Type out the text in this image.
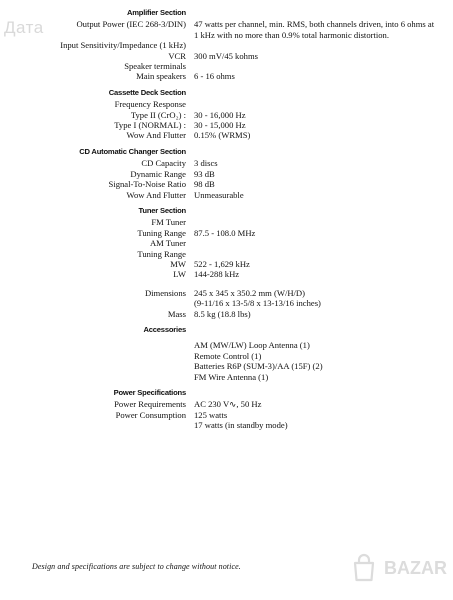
Дата
Amplifier Section
Output Power (IEC 268-3/DIN) 47 watts per channel, min. RMS, both channels driven, into 6 ohms at 1 kHz with no more than 0.9% total harmonic distortion.
Input Sensitivity/Impedance (1 kHz)
VCR 300 mV/45 kohms
Speaker terminals
Main speakers 6 - 16 ohms
Cassette Deck Section
Frequency Response
Type II (CrO₂) : 30 - 16,000 Hz
Type I (NORMAL) : 30 - 15,000 Hz
Wow And Flutter 0.15% (WRMS)
CD Automatic Changer Section
CD Capacity 3 discs
Dynamic Range 93 dB
Signal-To-Noise Ratio 98 dB
Wow And Flutter Unmeasurable
Tuner Section
FM Tuner
Tuning Range 87.5 - 108.0 MHz
AM Tuner
Tuning Range
MW 522 - 1,629 kHz
LW 144-288 kHz
Dimensions 245 x 345 x 350.2 mm (W/H/D)
(9-11/16 x 13-5/8 x 13-13/16 inches)
Mass 8.5 kg (18.8 lbs)
Accessories
AM (MW/LW) Loop Antenna (1)
Remote Control (1)
Batteries R6P (SUM-3)/AA (15F) (2)
FM Wire Antenna (1)
Power Specifications
Power Requirements AC 230 V∿, 50 Hz
Power Consumption 125 watts
17 watts (in standby mode)
Design and specifications are subject to change without notice.	BAZAR
